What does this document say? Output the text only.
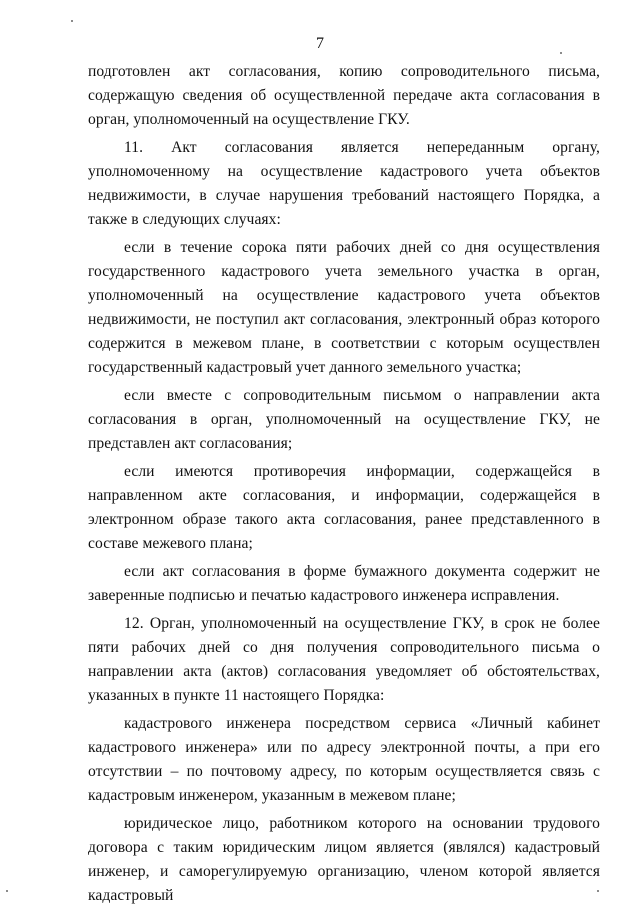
7

подготовлен акт согласования, копию сопроводительного письма, содержащую сведения об осуществленной передаче акта согласования в орган, уполномоченный на осуществление ГКУ.

11. Акт согласования является непереданным органу, уполномоченному на осуществление кадастрового учета объектов недвижимости, в случае нарушения требований настоящего Порядка, а также в следующих случаях:

если в течение сорока пяти рабочих дней со дня осуществления государственного кадастрового учета земельного участка в орган, уполномоченный на осуществление кадастрового учета объектов недвижимости, не поступил акт согласования, электронный образ которого содержится в межевом плане, в соответствии с которым осуществлен государственный кадастровый учет данного земельного участка;

если вместе с сопроводительным письмом о направлении акта согласования в орган, уполномоченный на осуществление ГКУ, не представлен акт согласования;

если имеются противоречия информации, содержащейся в направленном акте согласования, и информации, содержащейся в электронном образе такого акта согласования, ранее представленного в составе межевого плана;

если акт согласования в форме бумажного документа содержит не заверенные подписью и печатью кадастрового инженера исправления.

12. Орган, уполномоченный на осуществление ГКУ, в срок не более пяти рабочих дней со дня получения сопроводительного письма о направлении акта (актов) согласования уведомляет об обстоятельствах, указанных в пункте 11 настоящего Порядка:

кадастрового инженера посредством сервиса «Личный кабинет кадастрового инженера» или по адресу электронной почты, а при его отсутствии – по почтовому адресу, по которым осуществляется связь с кадастровым инженером, указанным в межевом плане;

юридическое лицо, работником которого на основании трудового договора с таким юридическим лицом является (являлся) кадастровый инженер, и саморегулируемую организацию, членом которой является кадастровый
